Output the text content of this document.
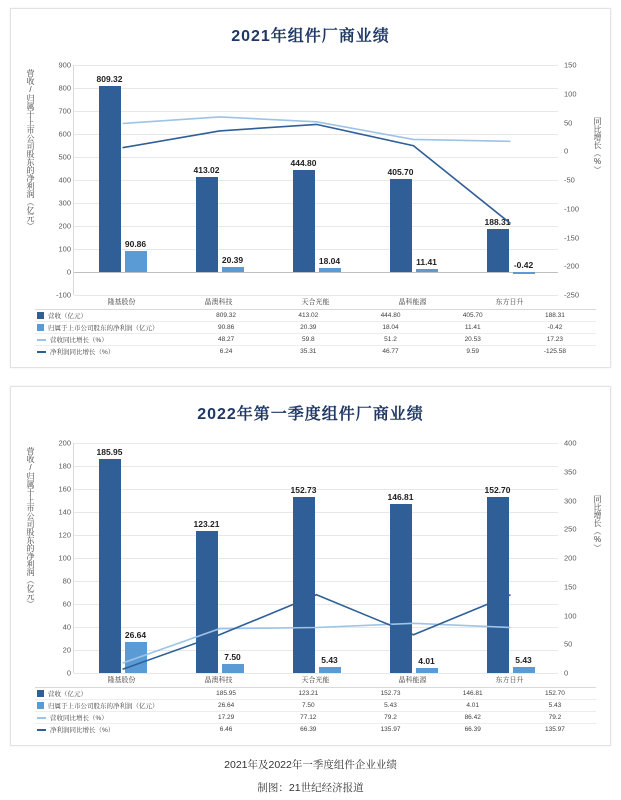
2021年组件厂商业绩
营收/归属于上市公司股东的净利润（亿元）	同比增长（%）
900
800
700
600
500
400
300
200
100
0
-100
150
100
50
0
-50
-100
-150
-200
-250
809.32
90.86
413.02
20.39
444.80
18.04
405.70
11.41
188.31
-0.42
隆基股份	晶澳科技	天合光能	晶科能源	东方日升
营收（亿元）	809.32	413.02	444.80	405.70	188.31
归属于上市公司股东的净利润（亿元）	90.86	20.39	18.04	11.41	-0.42
营收同比增长（%）	48.27	59.8	51.2	20.53	17.23
净利润同比增长（%）	6.24	35.31	46.77	9.59	-125.58
2022年第一季度组件厂商业绩
营收/归属于上市公司股东的净利润（亿元）	同比增长（%）
200
180
160
140
120
100
80
60
40
20
0
400
350
300
250
200
150
100
50
0
185.95
26.64
123.21
7.50
152.73
5.43
146.81
4.01
152.70
5.43
隆基股份	晶澳科技	天合光能	晶科能源	东方日升
营收（亿元）	185.95	123.21	152.73	146.81	152.70
归属于上市公司股东的净利润（亿元）	26.64	7.50	5.43	4.01	5.43
营收同比增长（%）	17.29	77.12	79.2	86.42	79.2
净利润同比增长（%）	6.46	66.39	135.97	66.39	135.97
2021年及2022年一季度组件企业业绩
制图：21世纪经济报道
